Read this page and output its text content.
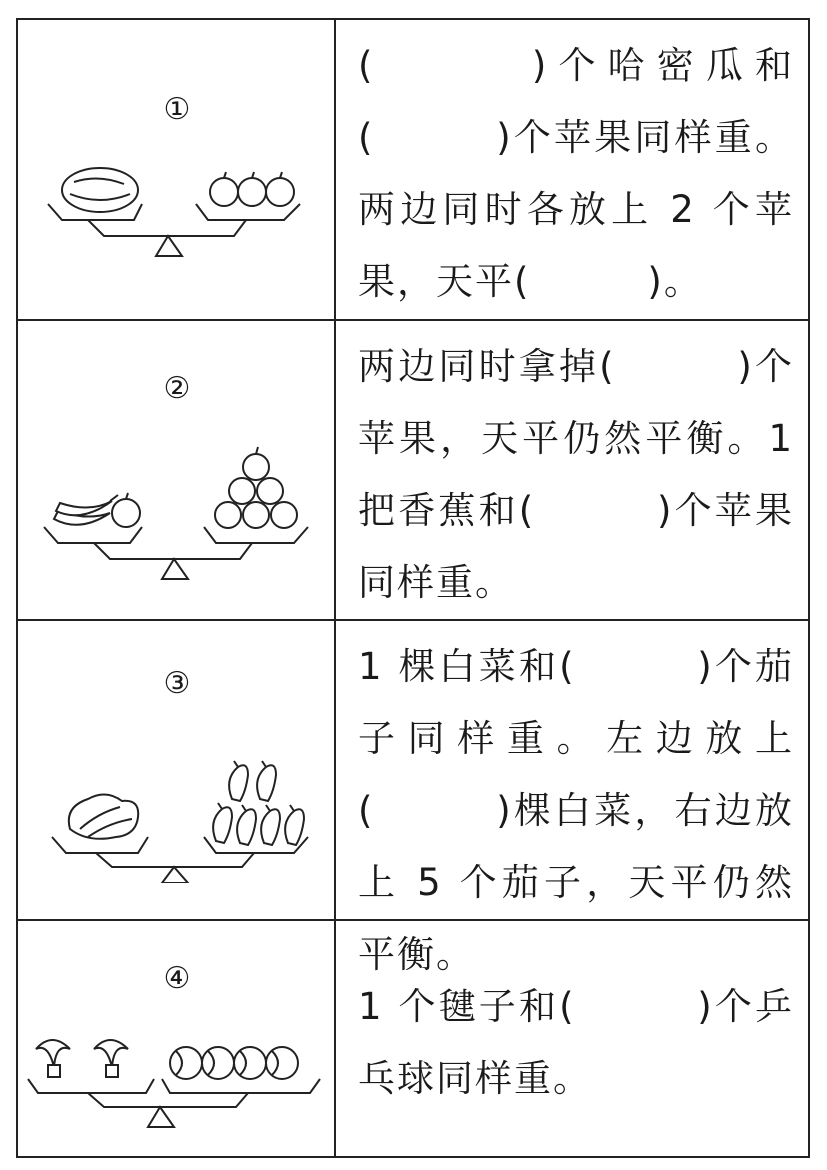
①
(　　　)个哈密瓜和(　　　)个苹果同样重。两边同时各放上 2 个苹果，天平(　　　)。
②
两边同时拿掉(　　　)个苹果，天平仍然平衡。1 把香蕉和(　　　)个苹果同样重。
③	1 棵白菜和(　　　)个茄子同样重。左边放上(　　　)棵白菜，右边放上 5 个茄子，天平仍然平衡。
④
1 个毽子和(　　　)个乒乓球同样重。
